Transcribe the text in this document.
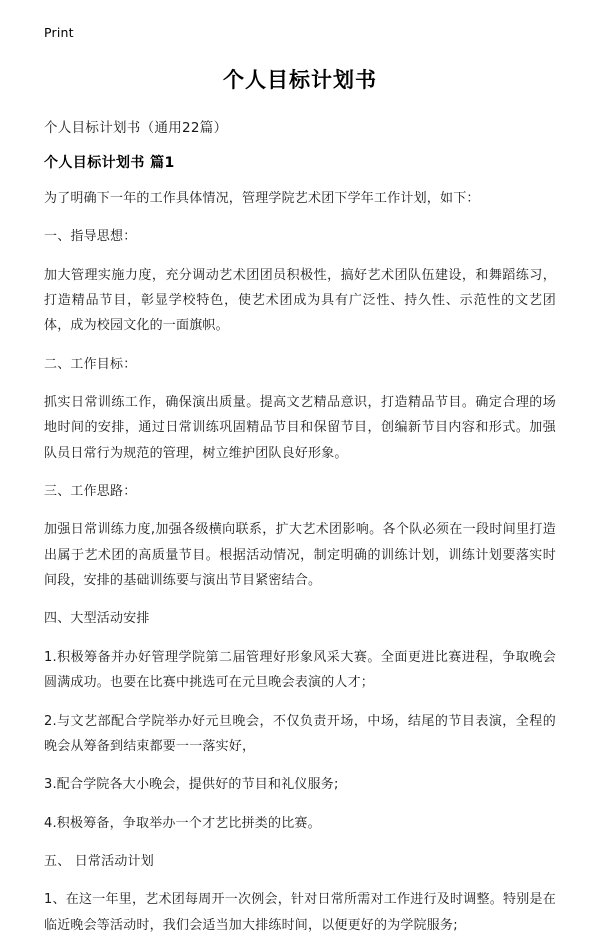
Print
个人目标计划书
个人目标计划书（通用22篇）
个人目标计划书 篇1

为了明确下一年的工作具体情况，管理学院艺术团下学年工作计划，如下：

一、指导思想：

加大管理实施力度，充分调动艺术团团员积极性，搞好艺术团队伍建设，和舞蹈练习，打造精品节目，彰显学校特色，使艺术团成为具有广泛性、持久性、示范性的文艺团体，成为校园文化的一面旗帜。

二、工作目标：

抓实日常训练工作，确保演出质量。提高文艺精品意识，打造精品节目。确定合理的场地时间的安排，通过日常训练巩固精品节目和保留节目，创编新节目内容和形式。加强队员日常行为规范的管理，树立维护团队良好形象。

三、工作思路：

加强日常训练力度,加强各级横向联系，扩大艺术团影响。各个队必须在一段时间里打造出属于艺术团的高质量节目。根据活动情况，制定明确的训练计划，训练计划要落实时间段，安排的基础训练要与演出节目紧密结合。

四、大型活动安排

1.积极筹备并办好管理学院第二届管理好形象风采大赛。全面更进比赛进程，争取晚会圆满成功。也要在比赛中挑选可在元旦晚会表演的人才；

2.与文艺部配合学院举办好元旦晚会，不仅负责开场，中场，结尾的节目表演，全程的晚会从筹备到结束都要一一落实好，

3.配合学院各大小晚会，提供好的节目和礼仪服务;

4.积极筹备，争取举办一个才艺比拼类的比赛。

五、 日常活动计划

1、在这一年里，艺术团每周开一次例会，针对日常所需对工作进行及时调整。特别是在临近晚会等活动时，我们会适当加大排练时间，以便更好的为学院服务;
